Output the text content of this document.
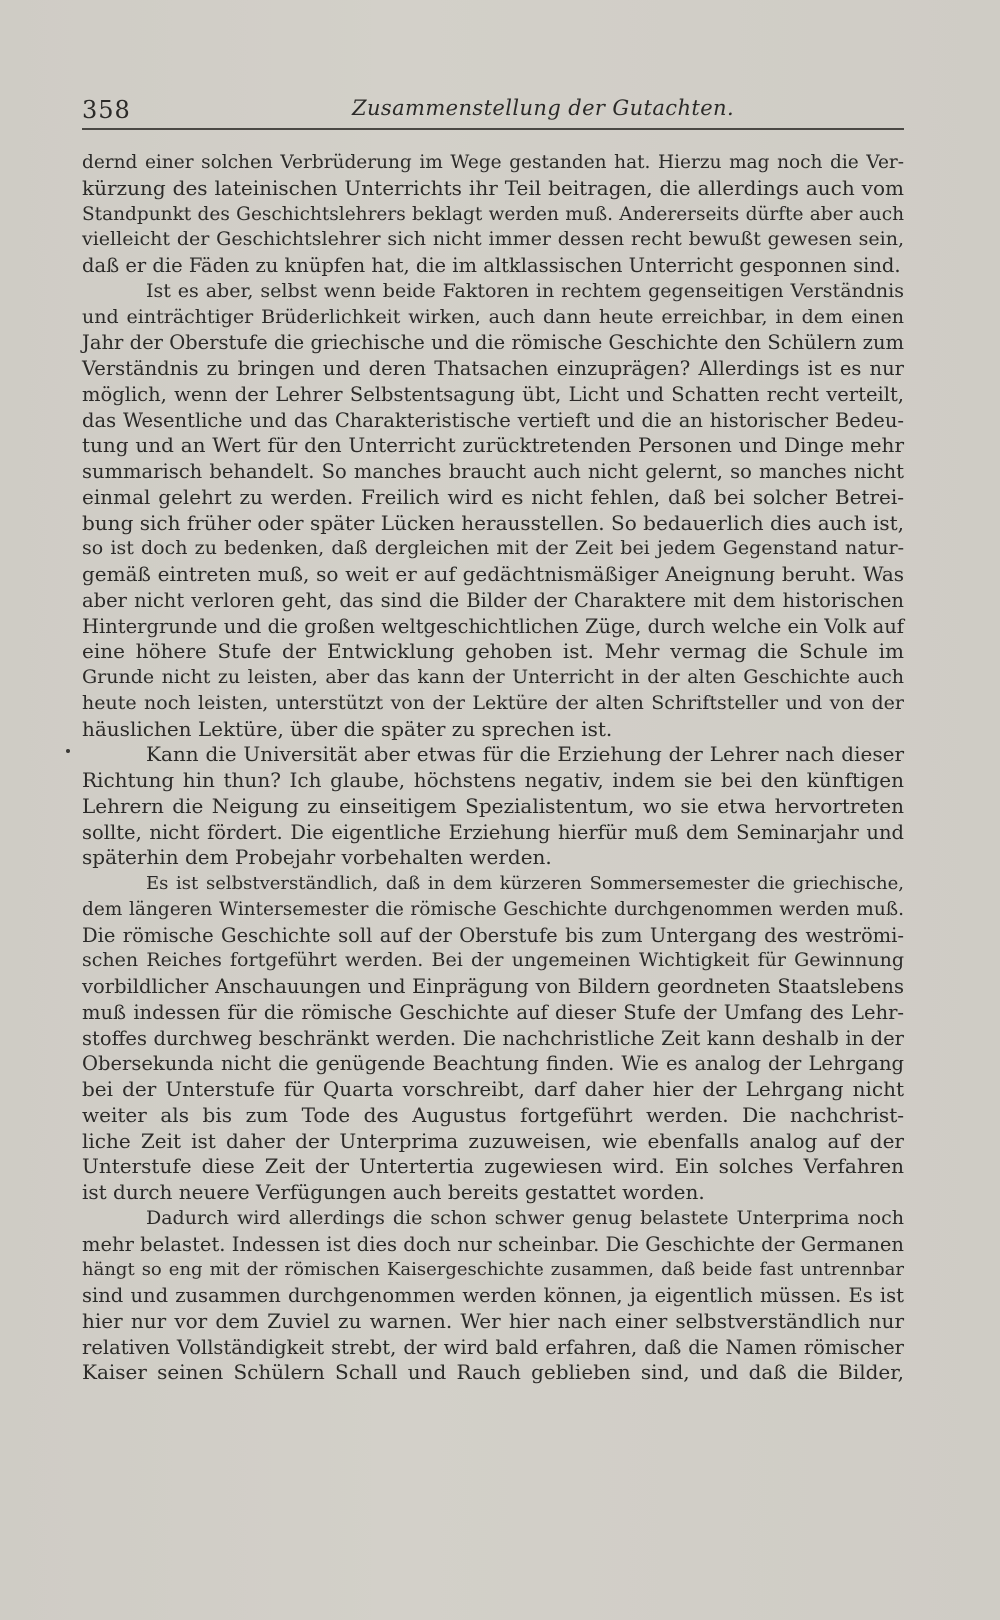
358	Zusammenstellung der Gutachten.
dernd einer solchen Verbrüderung im Wege gestanden hat. Hierzu mag noch die Ver-
kürzung des lateinischen Unterrichts ihr Teil beitragen, die allerdings auch vom
Standpunkt des Geschichtslehrers beklagt werden muß. Andererseits dürfte aber auch
vielleicht der Geschichtslehrer sich nicht immer dessen recht bewußt gewesen sein,
daß er die Fäden zu knüpfen hat, die im altklassischen Unterricht gesponnen sind.
Ist es aber, selbst wenn beide Faktoren in rechtem gegenseitigen Verständnis
und einträchtiger Brüderlichkeit wirken, auch dann heute erreichbar, in dem einen
Jahr der Oberstufe die griechische und die römische Geschichte den Schülern zum
Verständnis zu bringen und deren Thatsachen einzuprägen? Allerdings ist es nur
möglich, wenn der Lehrer Selbstentsagung übt, Licht und Schatten recht verteilt,
das Wesentliche und das Charakteristische vertieft und die an historischer Bedeu-
tung und an Wert für den Unterricht zurücktretenden Personen und Dinge mehr
summarisch behandelt. So manches braucht auch nicht gelernt, so manches nicht
einmal gelehrt zu werden. Freilich wird es nicht fehlen, daß bei solcher Betrei-
bung sich früher oder später Lücken herausstellen. So bedauerlich dies auch ist,
so ist doch zu bedenken, daß dergleichen mit der Zeit bei jedem Gegenstand natur-
gemäß eintreten muß, so weit er auf gedächtnismäßiger Aneignung beruht. Was
aber nicht verloren geht, das sind die Bilder der Charaktere mit dem historischen
Hintergrunde und die großen weltgeschichtlichen Züge, durch welche ein Volk auf
eine höhere Stufe der Entwicklung gehoben ist. Mehr vermag die Schule im
Grunde nicht zu leisten, aber das kann der Unterricht in der alten Geschichte auch
heute noch leisten, unterstützt von der Lektüre der alten Schriftsteller und von der
häuslichen Lektüre, über die später zu sprechen ist.
Kann die Universität aber etwas für die Erziehung der Lehrer nach dieser
Richtung hin thun? Ich glaube, höchstens negativ, indem sie bei den künftigen
Lehrern die Neigung zu einseitigem Spezialistentum, wo sie etwa hervortreten
sollte, nicht fördert. Die eigentliche Erziehung hierfür muß dem Seminarjahr und
späterhin dem Probejahr vorbehalten werden.
Es ist selbstverständlich, daß in dem kürzeren Sommersemester die griechische,
dem längeren Wintersemester die römische Geschichte durchgenommen werden muß.
Die römische Geschichte soll auf der Oberstufe bis zum Untergang des weströmi-
schen Reiches fortgeführt werden. Bei der ungemeinen Wichtigkeit für Gewinnung
vorbildlicher Anschauungen und Einprägung von Bildern geordneten Staatslebens
muß indessen für die römische Geschichte auf dieser Stufe der Umfang des Lehr-
stoffes durchweg beschränkt werden. Die nachchristliche Zeit kann deshalb in der
Obersekunda nicht die genügende Beachtung finden. Wie es analog der Lehrgang
bei der Unterstufe für Quarta vorschreibt, darf daher hier der Lehrgang nicht
weiter als bis zum Tode des Augustus fortgeführt werden. Die nachchrist-
liche Zeit ist daher der Unterprima zuzuweisen, wie ebenfalls analog auf der
Unterstufe diese Zeit der Untertertia zugewiesen wird. Ein solches Verfahren
ist durch neuere Verfügungen auch bereits gestattet worden.
Dadurch wird allerdings die schon schwer genug belastete Unterprima noch
mehr belastet. Indessen ist dies doch nur scheinbar. Die Geschichte der Germanen
hängt so eng mit der römischen Kaisergeschichte zusammen, daß beide fast untrennbar
sind und zusammen durchgenommen werden können, ja eigentlich müssen. Es ist
hier nur vor dem Zuviel zu warnen. Wer hier nach einer selbstverständlich nur
relativen Vollständigkeit strebt, der wird bald erfahren, daß die Namen römischer
Kaiser seinen Schülern Schall und Rauch geblieben sind, und daß die Bilder,
